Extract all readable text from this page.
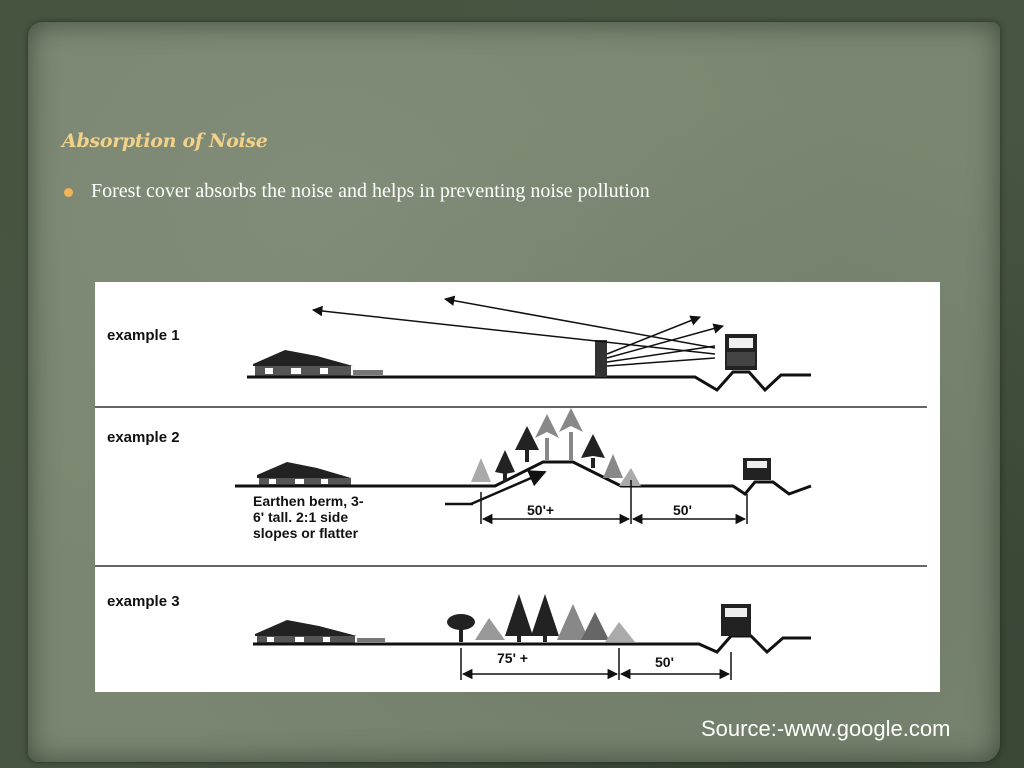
Absorption of Noise
Forest cover absorbs the noise and helps in preventing noise pollution
example 1
example 2
Earthen berm, 3-
6' tall. 2:1 side
slopes or flatter
50'+	50'
example 3
75' +	50'
Source:-www.google.com
